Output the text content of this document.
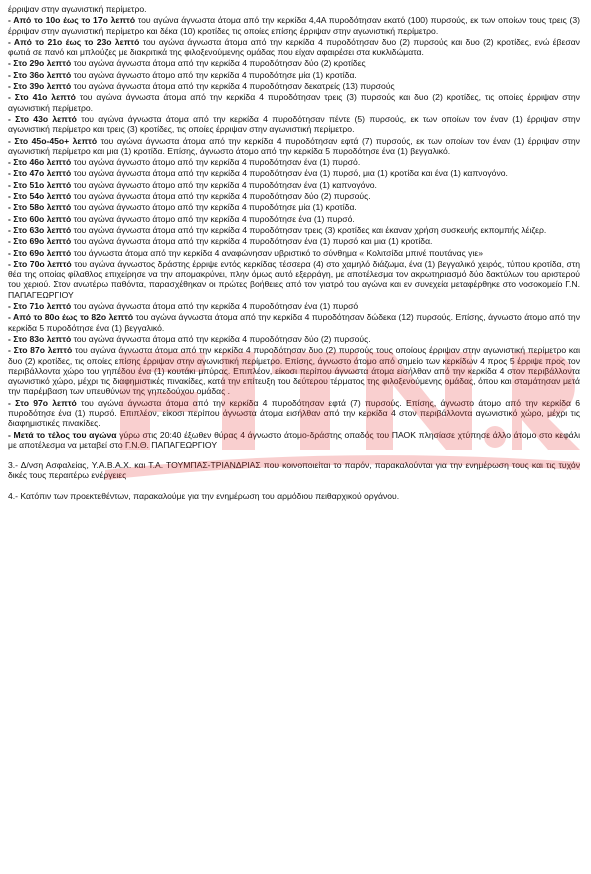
έρριψαν στην αγωνιστική περίμετρο.

- Από το 10ο έως το 17ο λεπτό του αγώνα άγνωστα άτομα από την κερκίδα 4,4Α πυροδότησαν εκατό (100) πυρσούς, εκ των οποίων τους τρεις (3) έρριψαν στην αγωνιστική περίμετρο και δέκα (10) κροτίδες τις οποίες επίσης έρριψαν στην αγωνιστική περίμετρο.

- Από το 21ο έως το 23ο λεπτό του αγώνα άγνωστα άτομα από την κερκίδα 4 πυροδότησαν δυο (2) πυρσούς και δυο (2) κροτίδες, ενώ έβεσαν φωτιά σε πανό και μπλούζες με διακριτικά της φιλοξενούμενης ομάδας που είχαν αφαιρέσει στα κυκλιδώματα.

- Στο 29ο λεπτό του αγώνα άγνωστα άτομα από την κερκίδα 4 πυροδότησαν δύο (2) κροτίδες

- Στο 36ο λεπτό του αγώνα άγνωστο άτομο από την κερκίδα 4 πυροδότησε μία (1) κροτίδα.

- Στο 39ο λεπτό του αγώνα άγνωστα άτομα από την κερκίδα 4 πυροδότησαν δεκατρείς (13) πυρσούς

- Στο 41ο λεπτό του αγώνα άγνωστα άτομα από την κερκίδα 4 πυροδότησαν τρεις (3) πυρσούς και δυο (2) κροτίδες, τις οποίες έρριψαν στην αγωνιστική περίμετρο.

- Στο 43ο λεπτό του αγώνα άγνωστα άτομα από την κερκίδα 4 πυροδότησαν πέντε (5) πυρσούς, εκ των οποίων τον έναν (1) έρριψαν στην αγωνιστική περίμετρο και τρεις (3) κροτίδες, τις οποίες έρριψαν στην αγωνιστική περίμετρο.

- Στο 45ο-45ο+ λεπτό του αγώνα άγνωστα άτομα από την κερκίδα 4 πυροδότησαν εφτά (7) πυρσούς, εκ των οποίων τον έναν (1) έρριψαν στην αγωνιστική περίμετρο και μια (1) κροτίδα. Επίσης, άγνωστο άτομο από την κερκίδα 5 πυροδότησε ένα (1) βεγγαλικό.

- Στο 46ο λεπτό του αγώνα άγνωστο άτομο από την κερκίδα 4 πυροδότησαν ένα (1) πυρσό.

- Στο 47ο λεπτό του αγώνα άγνωστα άτομα από την κερκίδα 4 πυροδότησαν ένα (1) πυρσό, μια (1) κροτίδα και ένα (1) καπνογόνο.

- Στο 51ο λεπτό του αγώνα άγνωστο άτομο από την κερκίδα 4 πυροδότησαν ένα (1) καπνογόνο.

- Στο 54ο λεπτό του αγώνα άγνωστα άτομα από την κερκίδα 4 πυροδότησαν δύο (2) πυρσούς.

- Στο 58ο λεπτό του αγώνα άγνωστο άτομο από την κερκίδα 4 πυροδότησε μία (1) κροτίδα.

- Στο 60ο λεπτό του αγώνα άγνωστο άτομο από την κερκίδα 4 πυροδότησε ένα (1) πυρσό.

- Στο 63ο λεπτό του αγώνα άγνωστα άτομα από την κερκίδα 4 πυροδότησαν τρεις (3) κροτίδες και έκαναν χρήση συσκευής εκπομπής λέιζερ.

- Στο 69ο λεπτό του αγώνα άγνωστα άτομα από την κερκίδα 4 πυροδότησαν ένα (1) πυρσό και μια (1) κροτίδα.

- Στο 69ο λεπτό του άγνωστα άτομα από την κερκίδα 4 αναφώνησαν υβριστικό το σύνθημα « Κολιτσίδα μπινέ πουτάνας γιε»

- Στο 70ο λεπτό του αγώνα άγνωστος δράστης έρριψε εντός κερκίδας τέσσερα (4) στο χαμηλό διάζωμα, ένα (1) βεγγαλικό χειρός, τύπου κροτίδα, στη θέα της οποίας φίλαθλος επιχείρησε να την απομακρύνει, πλην όμως αυτό εξερράγη, με αποτέλεσμα τον ακρωτηριασμό δύο δακτύλων του αριστερού του χεριού. Στον ανωτέρω παθόντα, παρασχέθηκαν οι πρώτες βοήθειες από τον γιατρό του αγώνα και εν συνεχεία μεταφέρθηκε στο νοσοκομείο Γ.Ν. ΠΑΠΑΓΕΩΡΓΙΟΥ

- Στο 71ο λεπτό του αγώνα άγνωστα άτομα από την κερκίδα 4 πυροδότησαν ένα (1) πυρσό

- Από το 80ο έως το 82ο λεπτό του αγώνα άγνωστα άτομα από την κερκίδα 4 πυροδότησαν δώδεκα (12) πυρσούς. Επίσης, άγνωστο άτομο από την κερκίδα 5 πυροδότησε ένα (1) βεγγαλικό.

- Στο 83ο λεπτό του αγώνα άγνωστα άτομα από την κερκίδα 4 πυροδότησαν δύο (2) πυρσούς.

- Στο 87ο λεπτό του αγώνα άγνωστα άτομα από την κερκίδα 4 πυροδότησαν δυο (2) πυρσούς τους οποίους έρριψαν στην αγωνιστική περίμετρο και δυο (2) κροτίδες, τις οποίες επίσης έρριψαν στην αγωνιστική περίμετρο. Επίσης, άγνωστο άτομο από σημείο των κερκίδων 4 προς 5 έρριψε προς τον περιβάλλοντα χώρο του γηπέδου ένα (1) κουτάκι μπύρας. Επιπλέον, είκοσι περίπου άγνωστα άτομα εισήλθαν από την κερκίδα 4 στον περιβάλλοντα αγωνιστικό χώρο, μέχρι τις διαφημιστικές πινακίδες, κατά την επίτευξη του δεύτερου τέρματος της φιλοξενούμενης ομάδας, όπου και σταμάτησαν μετά την παρέμβαση των υπευθύνων της γηπεδούχου ομάδας .

- Στο 97ο λεπτό του αγώνα άγνωστα άτομα από την κερκίδα 4 πυροδότησαν εφτά (7) πυρσούς. Επίσης, άγνωστο άτομο από την κερκίδα 6 πυροδότησε ένα (1) πυρσό. Επιπλέον, είκοσι περίπου άγνωστα άτομα εισήλθαν από την κερκίδα 4 στον περιβάλλοντα αγωνιστικό χώρο, μέχρι τις διαφημιστικές πινακίδες.

- Μετά το τέλος του αγώνα γύρω στις 20:40 έξωθεν θύρας 4 άγνωστο άτομο-δράστης οπαδός του ΠΑΟΚ πλησίασε χτύπησε άλλο άτομο στο κεφάλι με αποτέλεσμα να μεταβεί στο Γ.Ν.Θ. ΠΑΠΑΓΕΩΡΓΙΟΥ

3.- Δ/νση Ασφαλείας, Υ.Α.Β.Α.Χ. και Τ.Α. ΤΟΥΜΠΑΣ-ΤΡΙΑΝΔΡΙΑΣ που κοινοποιείται το παρόν, παρακαλούνται για την ενημέρωση τους και τις τυχόν δικές τους περαιτέρω ενέργειες

4.- Κατόπιν των προεκτεθέντων, παρακαλούμε για την ενημέρωση του αρμόδιου πειθαρχικού οργάνου.
